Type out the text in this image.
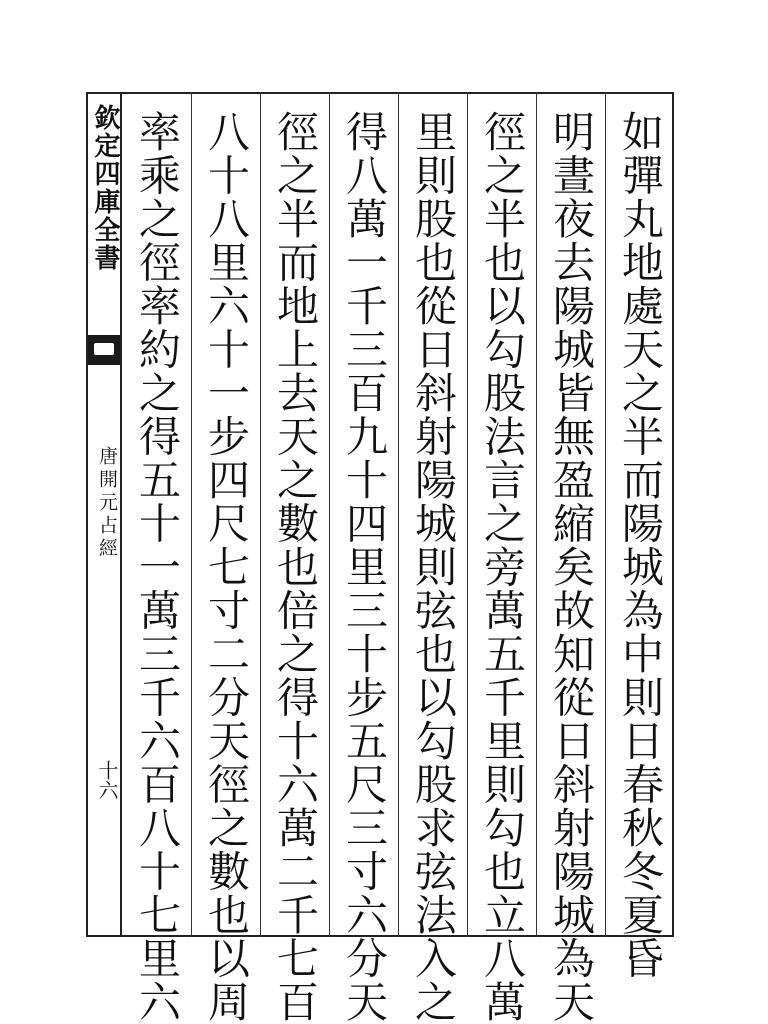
欽定四庫全書
唐開元占經
十六	如彈丸地處天之半而陽城為中則日春秋冬夏昏
明晝夜去陽城皆無盈縮矣故知從日斜射陽城為天
徑之半也以勾股法言之旁萬五千里則勾也立八萬
里則股也從日斜射陽城則弦也以勾股求弦法入之
得八萬一千三百九十四里三十步五尺三寸六分天
徑之半而地上去天之數也倍之得十六萬二千七百
八十八里六十一步四尺七寸二分天徑之數也以周
率乘之徑率約之得五十一萬三千六百八十七里六
